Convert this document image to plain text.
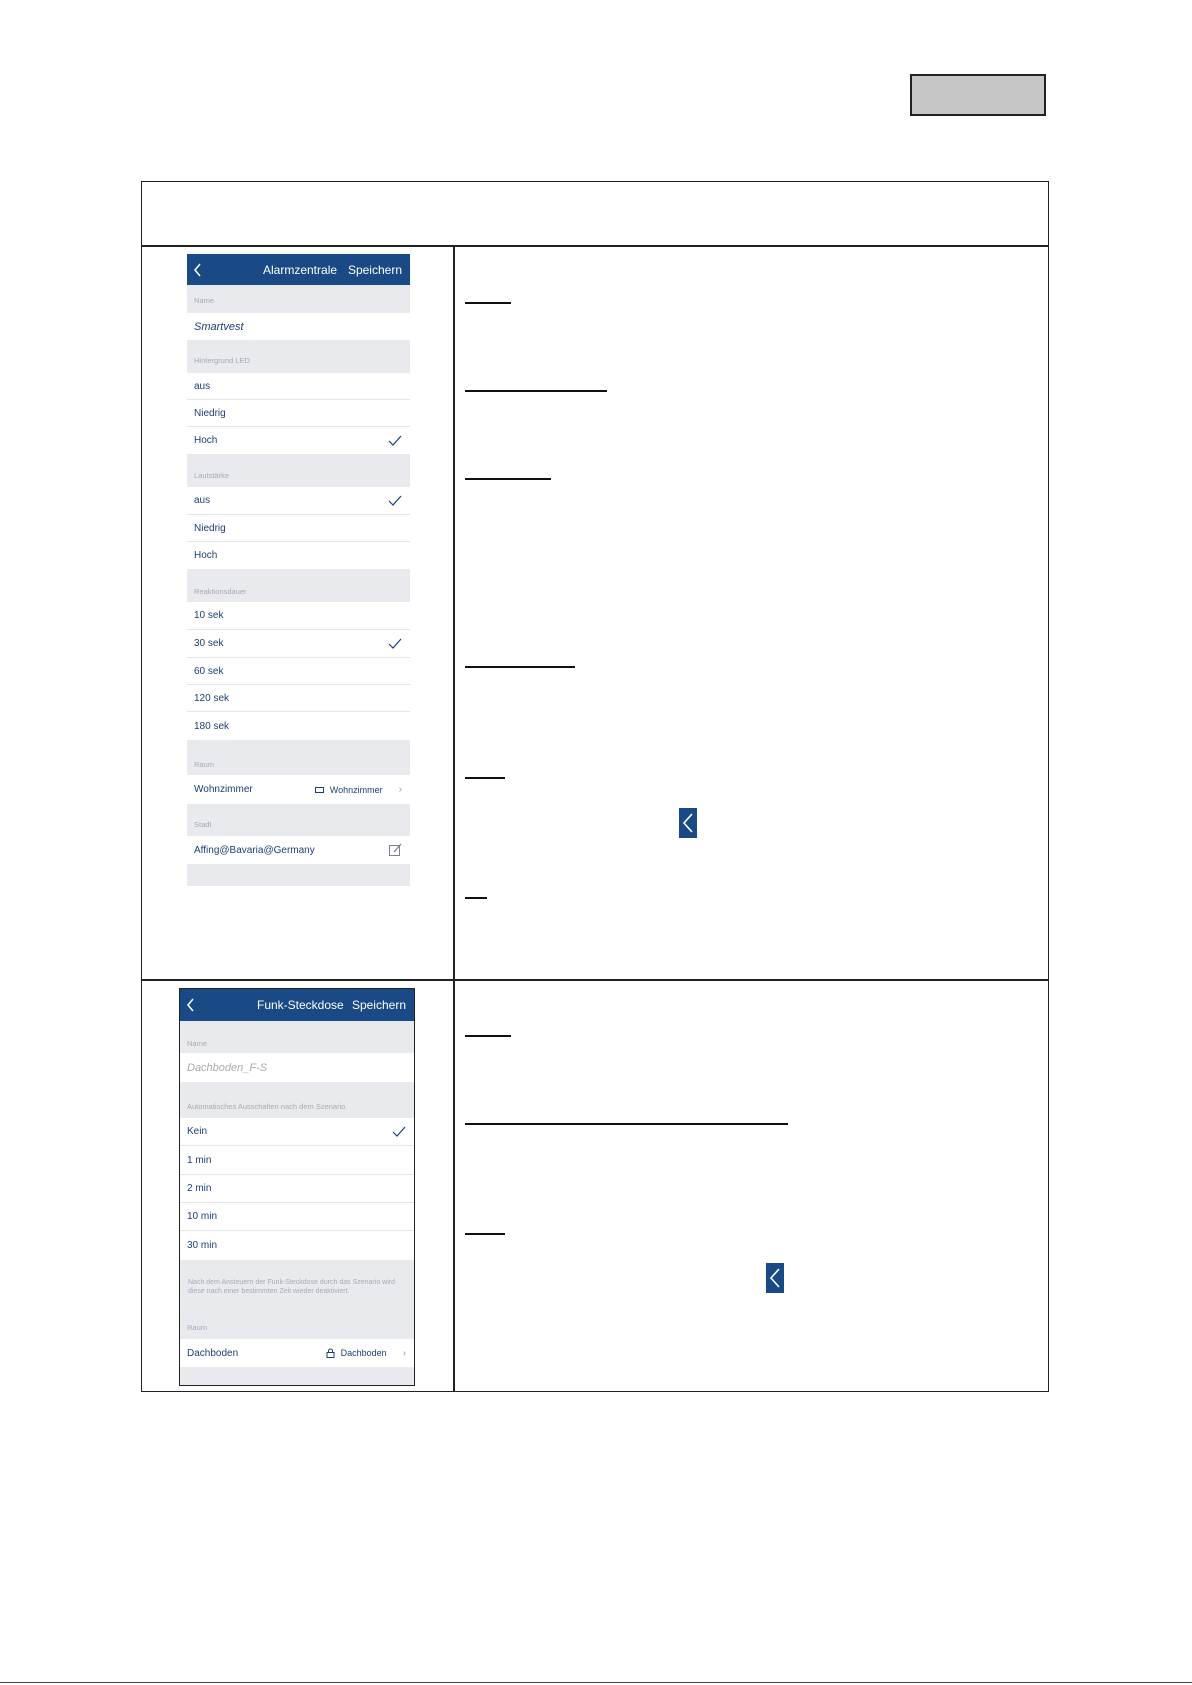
Alarmzentrale Speichern
Name
Smartvest
Hintergrund LED
aus
Niedrig
Hoch
Lautstärke
aus
Niedrig
Hoch
Reaktionsdauer
10 sek
30 sek
60 sek
120 sek
180 sek
Raum
Wohnzimmer	Wohnzimmer ›
Stadt
Affing@Bavaria@Germany
Funk-Steckdose Speichern
Name
Dachboden_F-S
Automatisches Ausschalten nach dem Szenario
Kein
1 min
2 min
10 min
30 min
Nach dem Ansteuern der Funk-Steckdose durch das Szenario wird diese nach einer bestimmten Zeit wieder deaktiviert.
Raum
Dachboden	Dachboden ›
